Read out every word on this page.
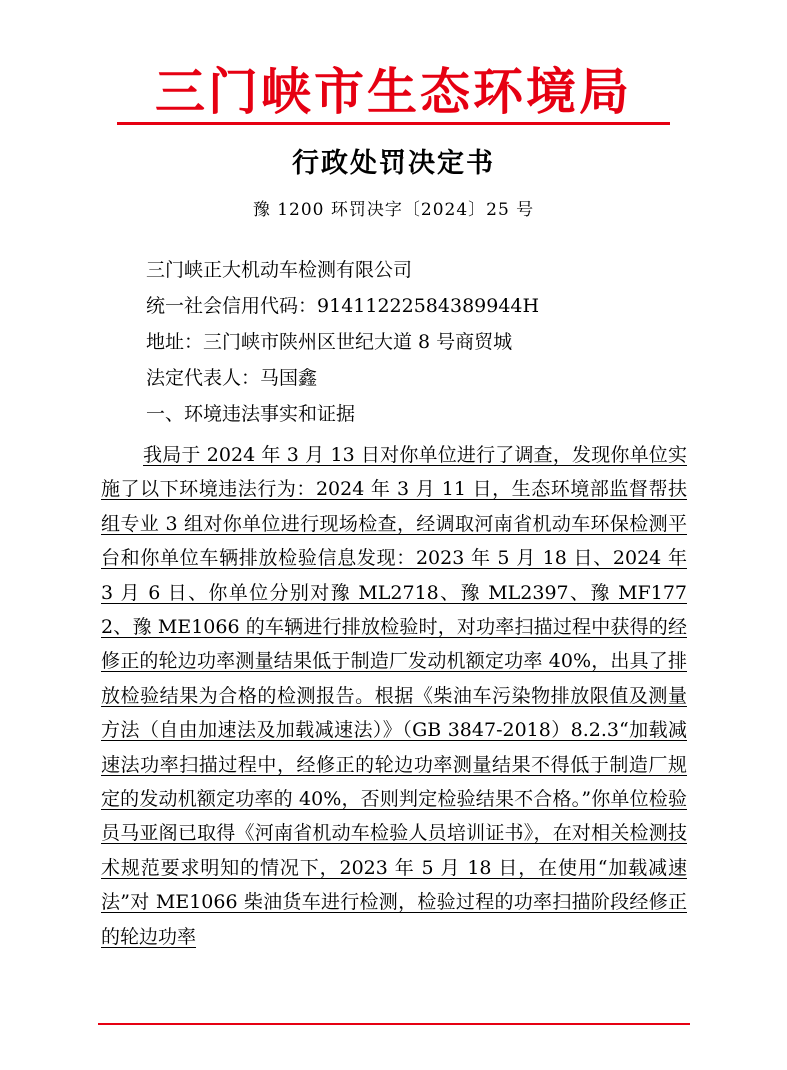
三门峡市生态环境局
行政处罚决定书
豫 1200 环罚决字〔2024〕25 号
三门峡正大机动车检测有限公司
统一社会信用代码：91411222584389944H
地址：三门峡市陕州区世纪大道 8 号商贸城
法定代表人：马国鑫
一、环境违法事实和证据
我局于 2024 年 3 月 13 日对你单位进行了调查，发现你单位实施了以下环境违法行为：2024 年 3 月 11 日，生态环境部监督帮扶组专业 3 组对你单位进行现场检查，经调取河南省机动车环保检测平台和你单位车辆排放检验信息发现：2023 年 5 月 18 日、2024 年 3 月 6 日、你单位分别对豫 ML2718、豫 ML2397、豫 MF1772、豫 ME1066 的车辆进行排放检验时，对功率扫描过程中获得的经修正的轮边功率测量结果低于制造厂发动机额定功率 40%，出具了排放检验结果为合格的检测报告。根据《柴油车污染物排放限值及测量方法（自由加速法及加载减速法）》（GB 3847-2018）8.2.3“加载减速法功率扫描过程中，经修正的轮边功率测量结果不得低于制造厂规定的发动机额定功率的 40%，否则判定检验结果不合格。”你单位检验员马亚阁已取得《河南省机动车检验人员培训证书》，在对相关检测技术规范要求明知的情况下，2023 年 5 月 18 日，在使用“加载减速法”对 ME1066 柴油货车进行检测，检验过程的功率扫描阶段经修正的轮边功率
